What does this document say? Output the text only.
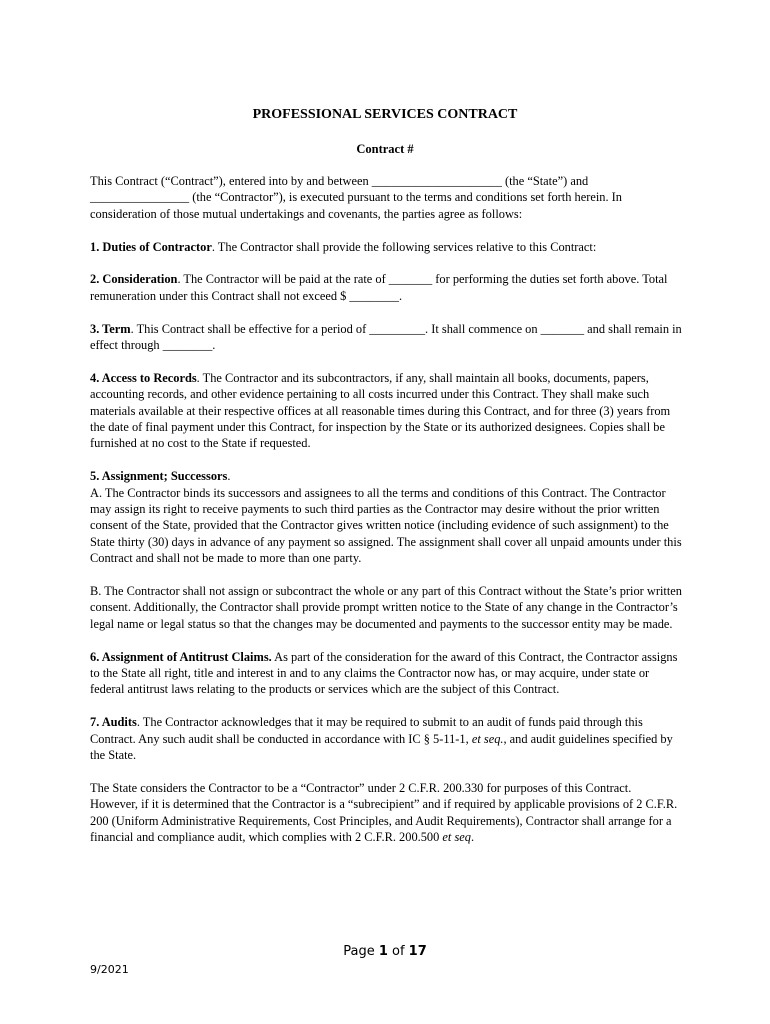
PROFESSIONAL SERVICES CONTRACT
Contract #

This Contract (“Contract”), entered into by and between _____________________ (the “State”) and ________________ (the “Contractor”), is executed pursuant to the terms and conditions set forth herein. In consideration of those mutual undertakings and covenants, the parties agree as follows:

1. Duties of Contractor. The Contractor shall provide the following services relative to this Contract:

2. Consideration. The Contractor will be paid at the rate of _______ for performing the duties set forth above. Total remuneration under this Contract shall not exceed $ ________.

3. Term. This Contract shall be effective for a period of _________. It shall commence on _______ and shall remain in effect through ________.

4. Access to Records. The Contractor and its subcontractors, if any, shall maintain all books, documents, papers, accounting records, and other evidence pertaining to all costs incurred under this Contract. They shall make such materials available at their respective offices at all reasonable times during this Contract, and for three (3) years from the date of final payment under this Contract, for inspection by the State or its authorized designees. Copies shall be furnished at no cost to the State if requested.

5. Assignment; Successors.

A. The Contractor binds its successors and assignees to all the terms and conditions of this Contract. The Contractor may assign its right to receive payments to such third parties as the Contractor may desire without the prior written consent of the State, provided that the Contractor gives written notice (including evidence of such assignment) to the State thirty (30) days in advance of any payment so assigned. The assignment shall cover all unpaid amounts under this Contract and shall not be made to more than one party.

B. The Contractor shall not assign or subcontract the whole or any part of this Contract without the State’s prior written consent. Additionally, the Contractor shall provide prompt written notice to the State of any change in the Contractor’s legal name or legal status so that the changes may be documented and payments to the successor entity may be made.

6. Assignment of Antitrust Claims. As part of the consideration for the award of this Contract, the Contractor assigns to the State all right, title and interest in and to any claims the Contractor now has, or may acquire, under state or federal antitrust laws relating to the products or services which are the subject of this Contract.

7. Audits. The Contractor acknowledges that it may be required to submit to an audit of funds paid through this Contract. Any such audit shall be conducted in accordance with IC § 5-11-1, et seq., and audit guidelines specified by the State.

The State considers the Contractor to be a “Contractor” under 2 C.F.R. 200.330 for purposes of this Contract. However, if it is determined that the Contractor is a “subrecipient” and if required by applicable provisions of 2 C.F.R. 200 (Uniform Administrative Requirements, Cost Principles, and Audit Requirements), Contractor shall arrange for a financial and compliance audit, which complies with 2 C.F.R. 200.500 et seq.

Page 1 of 17
9/2021
